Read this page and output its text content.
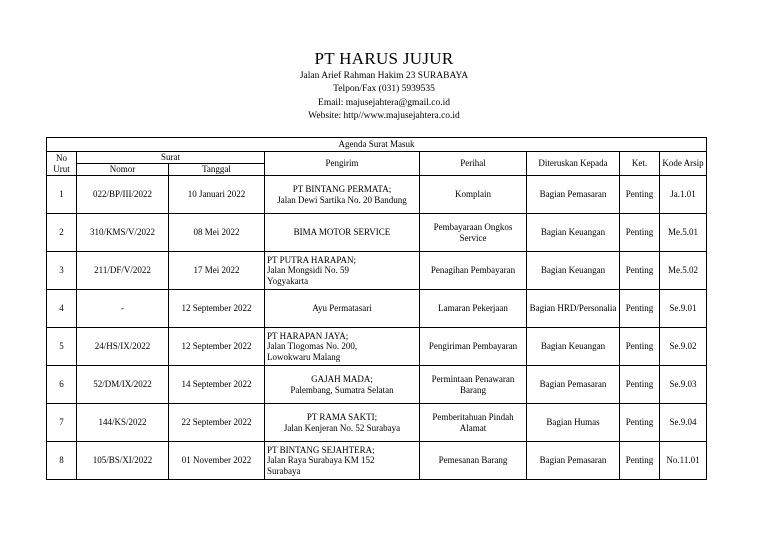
PT HARUS JUJUR
Jalan Arief Rahman Hakim 23 SURABAYA
Telpon/Fax (031) 5939535
Email: majusejahtera@gmail.co.id
Website: http//www.majusejahtera.co.id
Agenda Surat Masuk							
No Urut	Surat		Pengirim	Perihal	Diteruskan Kepada	Ket.	Kode Arsip
	Nomor	Tanggal					
1	022/BP/III/2022	10 Januari 2022	PT BINTANG PERMATA;
Jalan Dewi Sartika No. 20 Bandung	Komplain	Bagian Pemasaran	Penting	Ja.1.01
2	310/KMS/V/2022	08 Mei 2022	BIMA MOTOR SERVICE	Pembayaraan Ongkos Service	Bagian Keuangan	Penting	Me.5.01
3	211/DF/V/2022	17 Mei 2022	PT PUTRA HARAPAN;
Jalan Mongsidi No. 59
Yogyakarta	Penagihan Pembayaran	Bagian Keuangan	Penting	Me.5.02
4	-	12 September 2022	Ayu Permatasari	Lamaran Pekerjaan	Bagian HRD/Personalia	Penting	Se.9.01
5	24/HS/IX/2022	12 September 2022	PT HARAPAN JAYA;
Jalan Tlogomas No. 200,
Lowokwaru Malang	Pengiriman Pembayaran	Bagian Keuangan	Penting	Se.9.02
6	52/DM/IX/2022	14 September 2022	GAJAH MADA;
Palembang, Sumatra Selatan	Permintaan Penawaran Barang	Bagian Pemasaran	Penting	Se.9.03
7	144/KS/2022	22 September 2022	PT RAMA SAKTI;
Jalan Kenjeran No. 52 Surabaya	Pemberitahuan Pindah Alamat	Bagian Humas	Penting	Se.9.04
8	105/BS/XI/2022	01 November 2022	PT BINTANG SEJAHTERA;
Jalan Raya Surabaya KM 152
Surabaya	Pemesanan Barang	Bagian Pemasaran	Penting	No.11.01
